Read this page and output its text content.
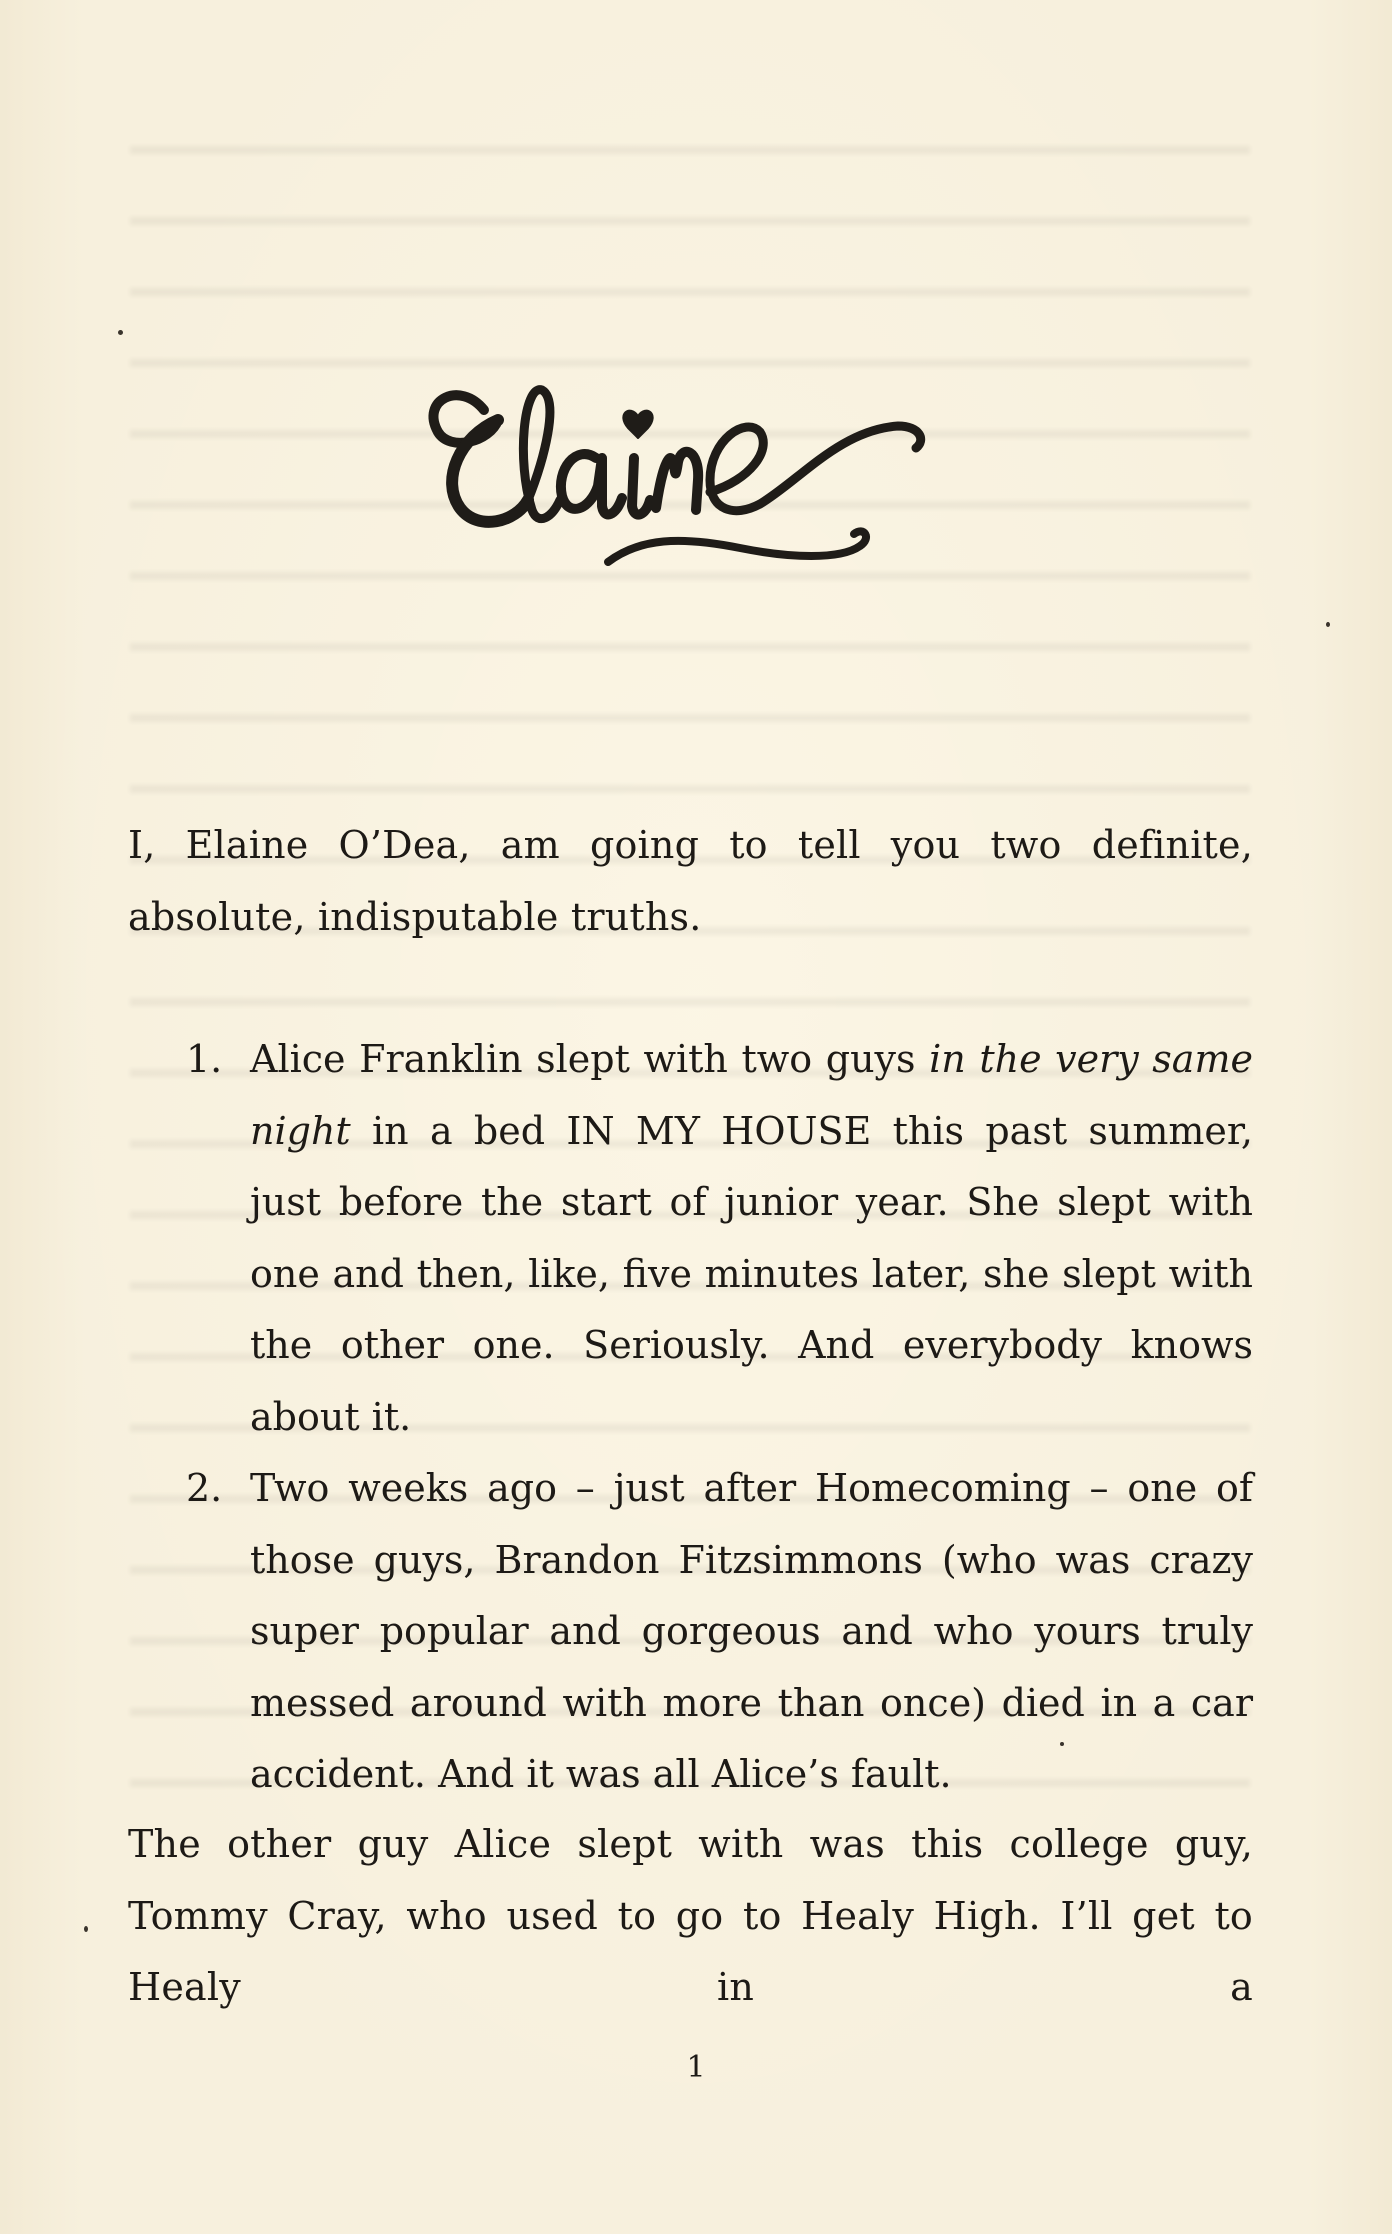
I, Elaine O’Dea, am going to tell you two definite, absolute, indisputable truths.

1. Alice Franklin slept with two guys in the very same night in a bed IN MY HOUSE this past summer, just before the start of junior year. She slept with one and then, like, five minutes later, she slept with the other one. Seriously. And everybody knows about it.
2. Two weeks ago – just after Homecoming – one of those guys, Brandon Fitzsimmons (who was crazy super popular and gorgeous and who yours truly messed around with more than once) died in a car accident. And it was all Alice’s fault.

The other guy Alice slept with was this college guy, Tommy Cray, who used to go to Healy High. I’ll get to Healy in a

1
